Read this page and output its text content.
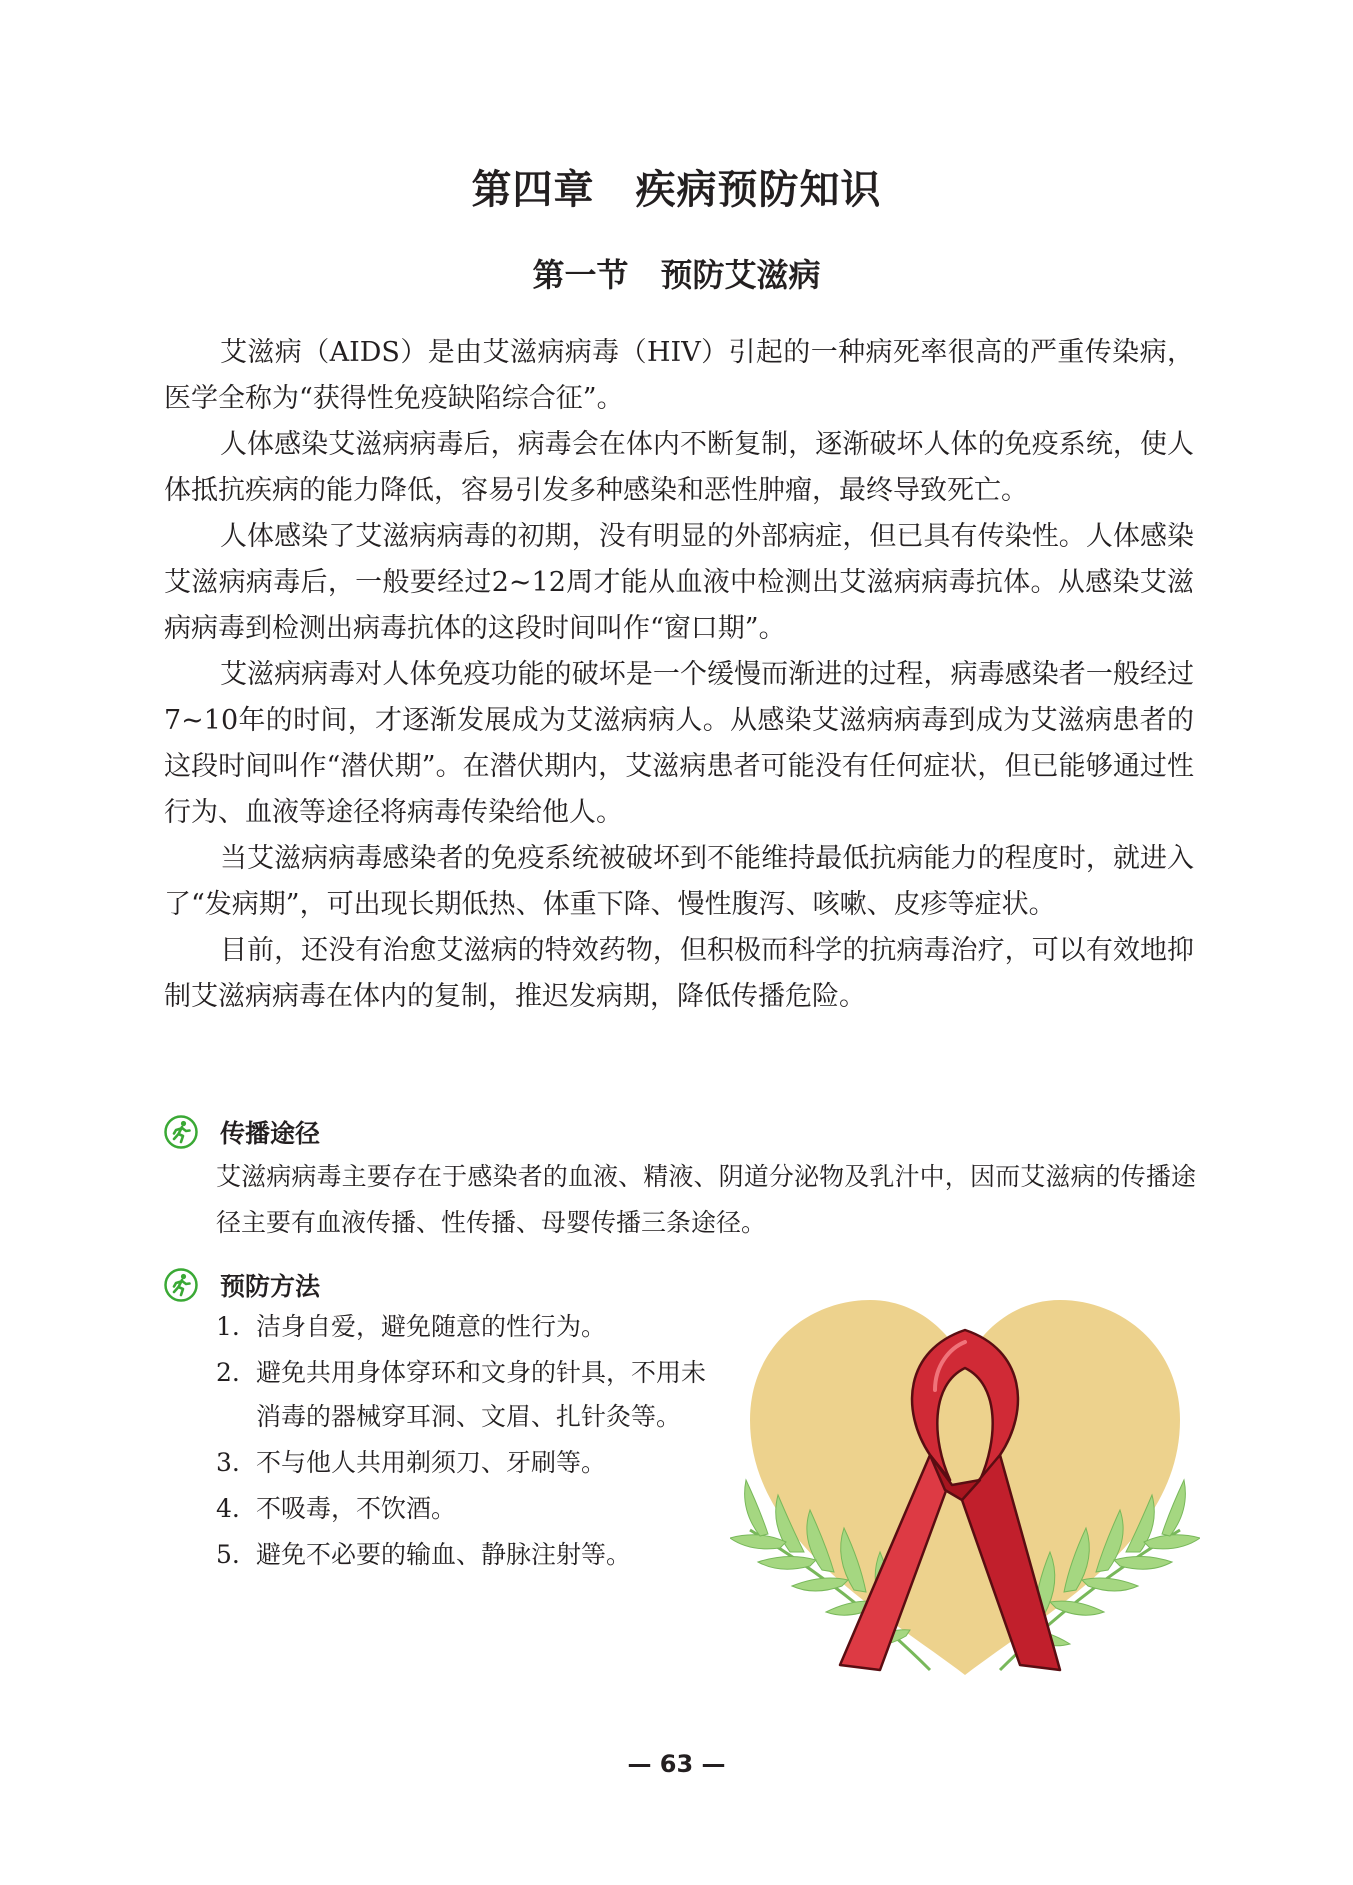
第四章　疾病预防知识
第一节　预防艾滋病

艾滋病（AIDS）是由艾滋病病毒（HIV）引起的一种病死率很高的严重传染病，医学全称为“获得性免疫缺陷综合征”。

人体感染艾滋病病毒后，病毒会在体内不断复制，逐渐破坏人体的免疫系统，使人体抵抗疾病的能力降低，容易引发多种感染和恶性肿瘤，最终导致死亡。

人体感染了艾滋病病毒的初期，没有明显的外部病症，但已具有传染性。人体感染艾滋病病毒后，一般要经过2~12周才能从血液中检测出艾滋病病毒抗体。从感染艾滋病病毒到检测出病毒抗体的这段时间叫作“窗口期”。

艾滋病病毒对人体免疫功能的破坏是一个缓慢而渐进的过程，病毒感染者一般经过7~10年的时间，才逐渐发展成为艾滋病病人。从感染艾滋病病毒到成为艾滋病患者的这段时间叫作“潜伏期”。在潜伏期内，艾滋病患者可能没有任何症状，但已能够通过性行为、血液等途径将病毒传染给他人。

当艾滋病病毒感染者的免疫系统被破坏到不能维持最低抗病能力的程度时，就进入了“发病期”，可出现长期低热、体重下降、慢性腹泻、咳嗽、皮疹等症状。

目前，还没有治愈艾滋病的特效药物，但积极而科学的抗病毒治疗，可以有效地抑制艾滋病病毒在体内的复制，推迟发病期，降低传播危险。

传播途径
艾滋病病毒主要存在于感染者的血液、精液、阴道分泌物及乳汁中，因而艾滋病的传播途径主要有血液传播、性传播、母婴传播三条途径。
预防方法
1. 洁身自爱，避免随意的性行为。
2. 避免共用身体穿环和文身的针具，不用未消毒的器械穿耳洞、文眉、扎针灸等。
3. 不与他人共用剃须刀、牙刷等。
4. 不吸毒，不饮酒。
5. 避免不必要的输血、静脉注射等。
— 63 —
